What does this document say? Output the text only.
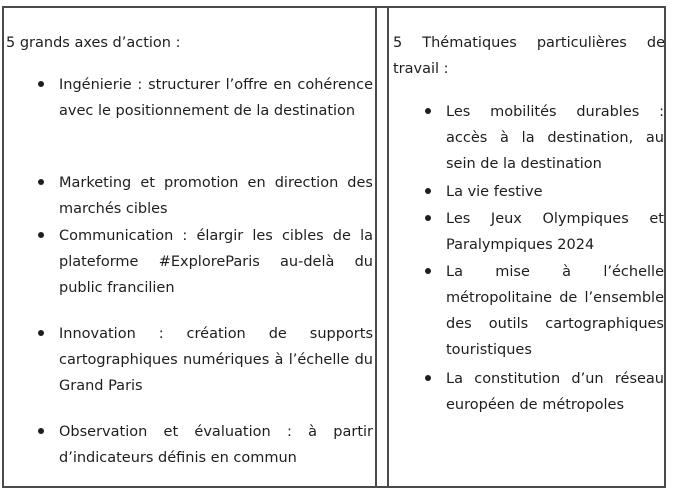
5 grands axes d’action :

Ingénierie : structurer l’offre en cohérence avec le positionnement de la destination
Marketing et promotion en direction des marchés cibles
Communication : élargir les cibles de la plateforme #ExploreParis au-delà du public francilien
Innovation : création de supports cartographiques numériques à l’échelle du Grand Paris
Observation et évaluation : à partir d’indicateurs définis en commun

5 Thématiques particulières de travail :

Les mobilités durables : accès à la destination, au sein de la destination
La vie festive
Les Jeux Olympiques et Paralympiques 2024
La mise à l’échelle métropolitaine de l’ensemble des outils cartographiques touristiques
La constitution d’un réseau européen de métropoles
